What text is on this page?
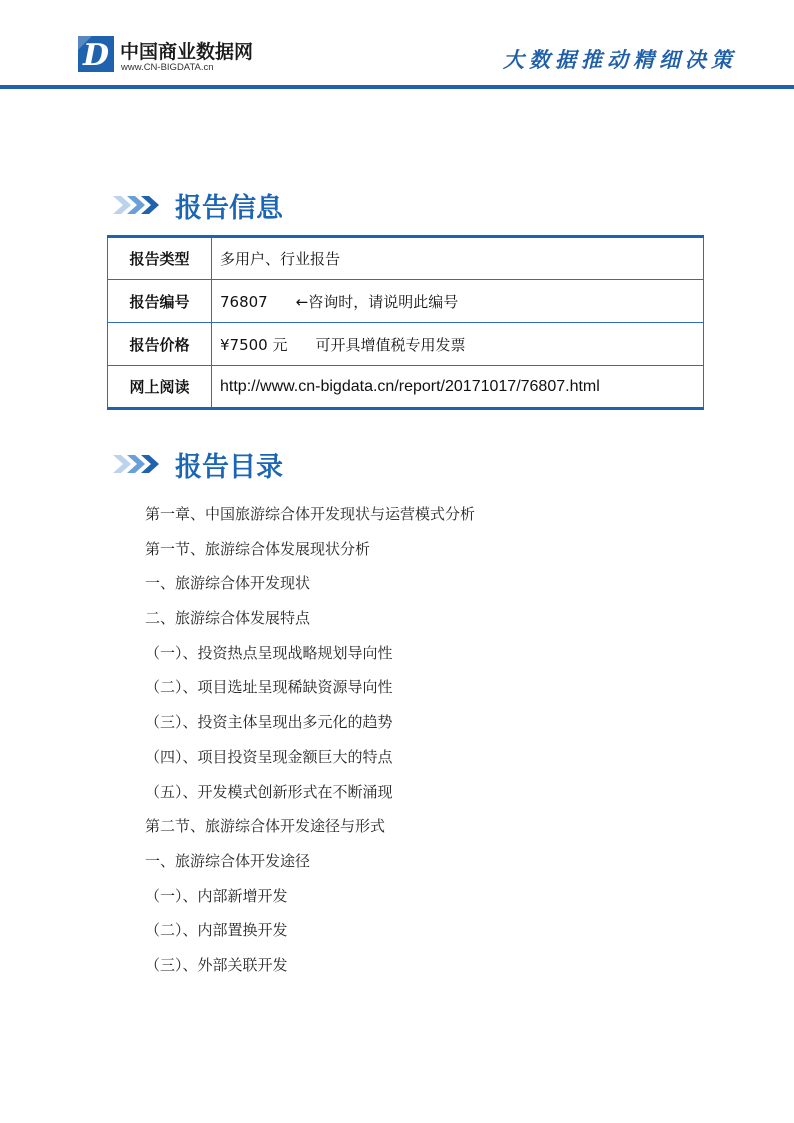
D 中国商业数据网
www.CN-BIGDATA.cn	大数据推动精细决策
报告信息
报告类型	多用户、行业报告
报告编号	76807 ←咨询时，请说明此编号
报告价格	¥7500 元 可开具增值税专用发票
网上阅读	http://www.cn-bigdata.cn/report/20171017/76807.html
报告目录
第一章、中国旅游综合体开发现状与运营模式分析
第一节、旅游综合体发展现状分析
一、旅游综合体开发现状
二、旅游综合体发展特点
（一）、投资热点呈现战略规划导向性
（二）、项目选址呈现稀缺资源导向性
（三）、投资主体呈现出多元化的趋势
（四）、项目投资呈现金额巨大的特点
（五）、开发模式创新形式在不断涌现
第二节、旅游综合体开发途径与形式
一、旅游综合体开发途径
（一）、内部新增开发
（二）、内部置换开发
（三）、外部关联开发
